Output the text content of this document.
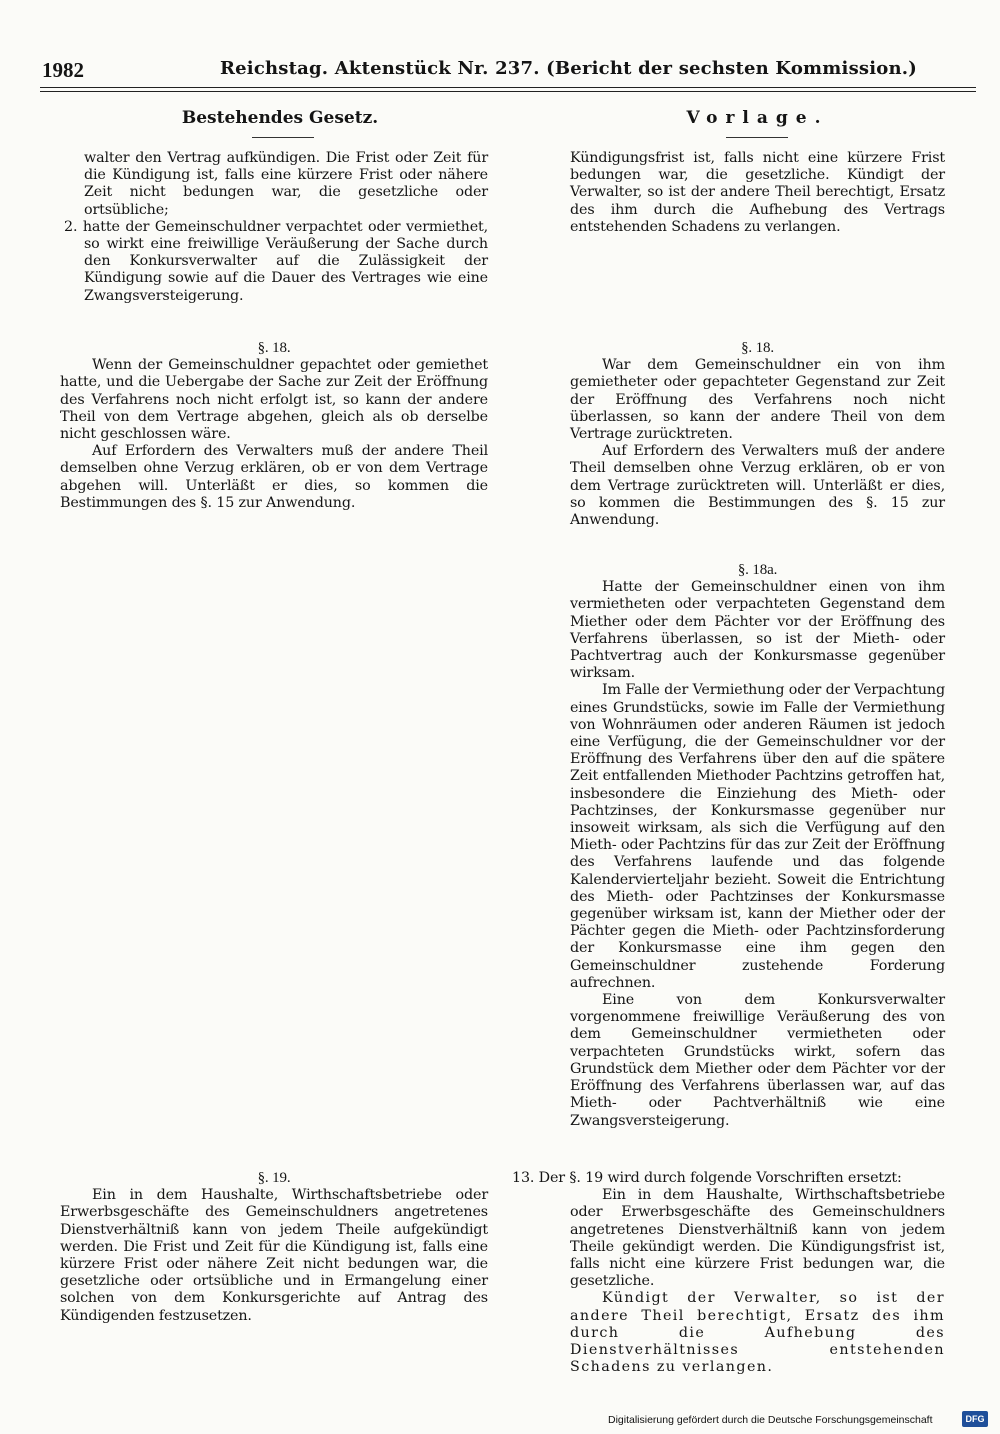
1982	Reichstag. Aktenstück Nr. 237. (Bericht der sechsten Kommission.)
Bestehendes Gesetz.	Vorlage.

walter den Vertrag aufkündigen. Die Frist oder Zeit für die Kündigung ist, falls eine kürzere Frist oder nähere Zeit nicht bedungen war, die gesetzliche oder ortsübliche;

2. hatte der Gemeinschuldner verpachtet oder vermiethet, so wirkt eine freiwillige Veräußerung der Sache durch den Konkursverwalter auf die Zulässigkeit der Kündigung sowie auf die Dauer des Vertrages wie eine Zwangsversteigerung.

§. 18.

Wenn der Gemeinschuldner gepachtet oder gemiethet hatte, und die Uebergabe der Sache zur Zeit der Eröffnung des Verfahrens noch nicht erfolgt ist, so kann der andere Theil von dem Vertrage abgehen, gleich als ob derselbe nicht geschlossen wäre.

Auf Erfordern des Verwalters muß der andere Theil demselben ohne Verzug erklären, ob er von dem Vertrage abgehen will. Unterläßt er dies, so kommen die Bestimmungen des §. 15 zur Anwendung.

§. 19.

Ein in dem Haushalte, Wirthschaftsbetriebe oder Erwerbsgeschäfte des Gemeinschuldners angetretenes Dienstverhältniß kann von jedem Theile aufgekündigt werden. Die Frist und Zeit für die Kündigung ist, falls eine kürzere Frist oder nähere Zeit nicht bedungen war, die gesetzliche oder ortsübliche und in Ermangelung einer solchen von dem Konkursgerichte auf Antrag des Kündigenden festzusetzen.

Kündigungsfrist ist, falls nicht eine kürzere Frist bedungen war, die gesetzliche. Kündigt der Verwalter, so ist der andere Theil berechtigt, Ersatz des ihm durch die Aufhebung des Vertrags entstehenden Schadens zu verlangen.

§. 18.

War dem Gemeinschuldner ein von ihm gemietheter oder gepachteter Gegenstand zur Zeit der Eröffnung des Verfahrens noch nicht überlassen, so kann der andere Theil von dem Vertrage zurücktreten.

Auf Erfordern des Verwalters muß der andere Theil demselben ohne Verzug erklären, ob er von dem Vertrage zurücktreten will. Unterläßt er dies, so kommen die Bestimmungen des §. 15 zur Anwendung.

§. 18a.

Hatte der Gemeinschuldner einen von ihm vermietheten oder verpachteten Gegenstand dem Miether oder dem Pächter vor der Eröffnung des Verfahrens überlassen, so ist der Mieth- oder Pachtvertrag auch der Konkursmasse gegenüber wirksam.

Im Falle der Vermiethung oder der Verpachtung eines Grundstücks, sowie im Falle der Vermiethung von Wohnräumen oder anderen Räumen ist jedoch eine Verfügung, die der Gemeinschuldner vor der Eröffnung des Verfahrens über den auf die spätere Zeit entfallenden Miethoder Pachtzins getroffen hat, insbesondere die Einziehung des Mieth- oder Pachtzinses, der Konkursmasse gegenüber nur insoweit wirksam, als sich die Verfügung auf den Mieth- oder Pachtzins für das zur Zeit der Eröffnung des Verfahrens laufende und das folgende Kalendervierteljahr bezieht. Soweit die Entrichtung des Mieth- oder Pachtzinses der Konkursmasse gegenüber wirksam ist, kann der Miether oder der Pächter gegen die Mieth- oder Pachtzinsforderung der Konkursmasse eine ihm gegen den Gemeinschuldner zustehende Forderung aufrechnen.

Eine von dem Konkursverwalter vorgenommene freiwillige Veräußerung des von dem Gemeinschuldner vermietheten oder verpachteten Grundstücks wirkt, sofern das Grundstück dem Miether oder dem Pächter vor der Eröffnung des Verfahrens überlassen war, auf das Mieth- oder Pachtverhältniß wie eine Zwangsversteigerung.

13. Der §. 19 wird durch folgende Vorschriften ersetzt:

Ein in dem Haushalte, Wirthschaftsbetriebe oder Erwerbsgeschäfte des Gemeinschuldners angetretenes Dienstverhältniß kann von jedem Theile gekündigt werden. Die Kündigungsfrist ist, falls nicht eine kürzere Frist bedungen war, die gesetzliche.

Kündigt der Verwalter, so ist der andere Theil berechtigt, Ersatz des ihm durch die Aufhebung des Dienstverhältnisses entstehenden Schadens zu verlangen.

Digitalisierung gefördert durch die Deutsche Forschungsgemeinschaft	DFG
